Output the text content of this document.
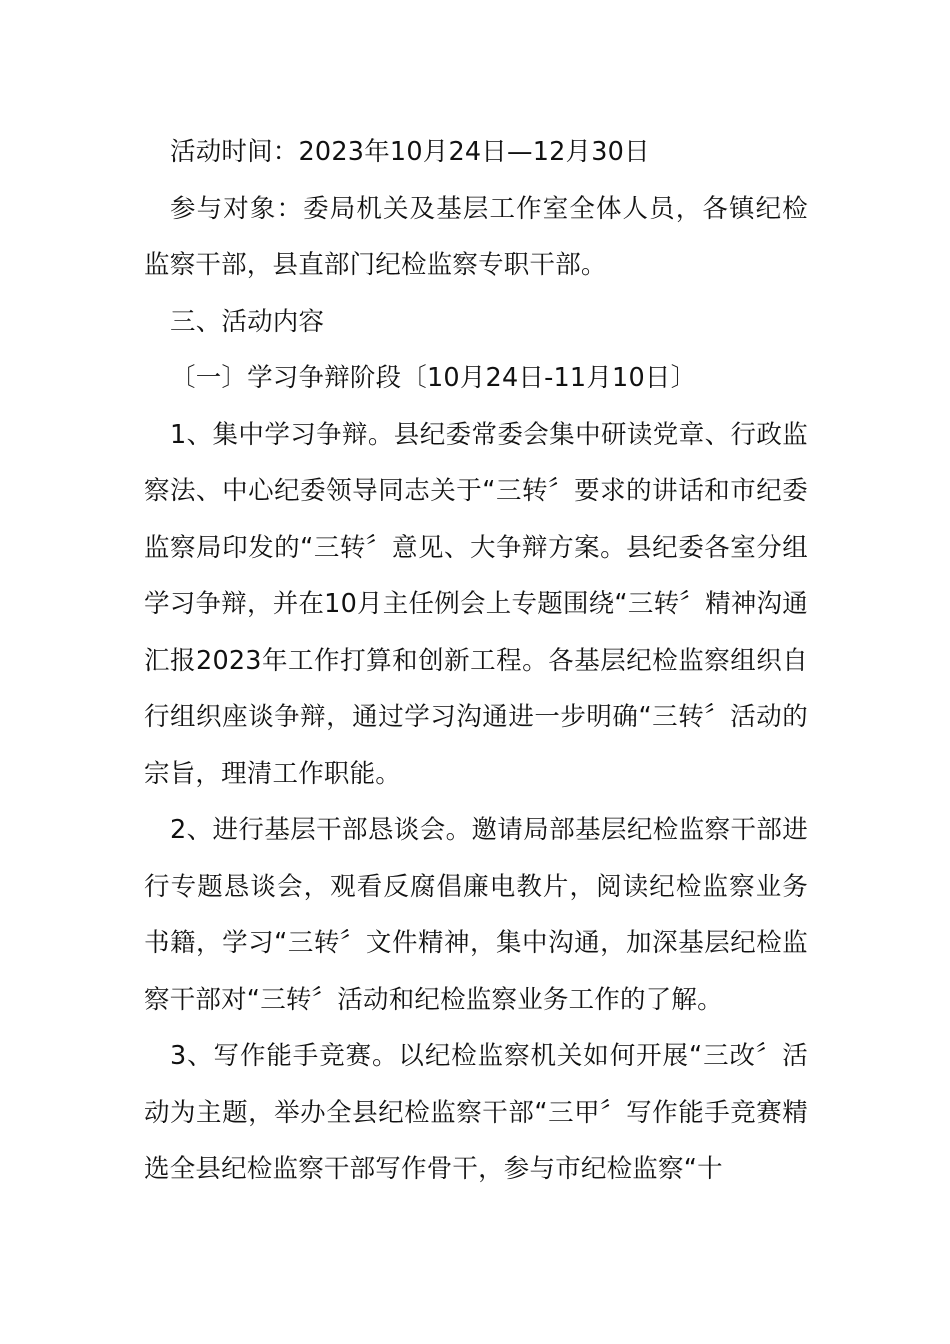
活动时间：2023年10月24日—12月30日

参与对象：委局机关及基层工作室全体人员，各镇纪检监察干部，县直部门纪检监察专职干部。

三、活动内容

〔一〕学习争辩阶段〔10月24日-11月10日〕

1、集中学习争辩。县纪委常委会集中研读党章、行政监察法、中心纪委领导同志关于“三转〞要求的讲话和市纪委监察局印发的“三转〞意见、大争辩方案。县纪委各室分组学习争辩，并在10月主任例会上专题围绕“三转〞精神沟通汇报2023年工作打算和创新工程。各基层纪检监察组织自行组织座谈争辩，通过学习沟通进一步明确“三转〞活动的宗旨，理清工作职能。

2、进行基层干部恳谈会。邀请局部基层纪检监察干部进行专题恳谈会，观看反腐倡廉电教片，阅读纪检监察业务书籍，学习“三转〞文件精神，集中沟通，加深基层纪检监察干部对“三转〞活动和纪检监察业务工作的了解。

3、写作能手竞赛。以纪检监察机关如何开展“三改〞活动为主题，举办全县纪检监察干部“三甲〞写作能手竞赛精选全县纪检监察干部写作骨干，参与市纪检监察“十
